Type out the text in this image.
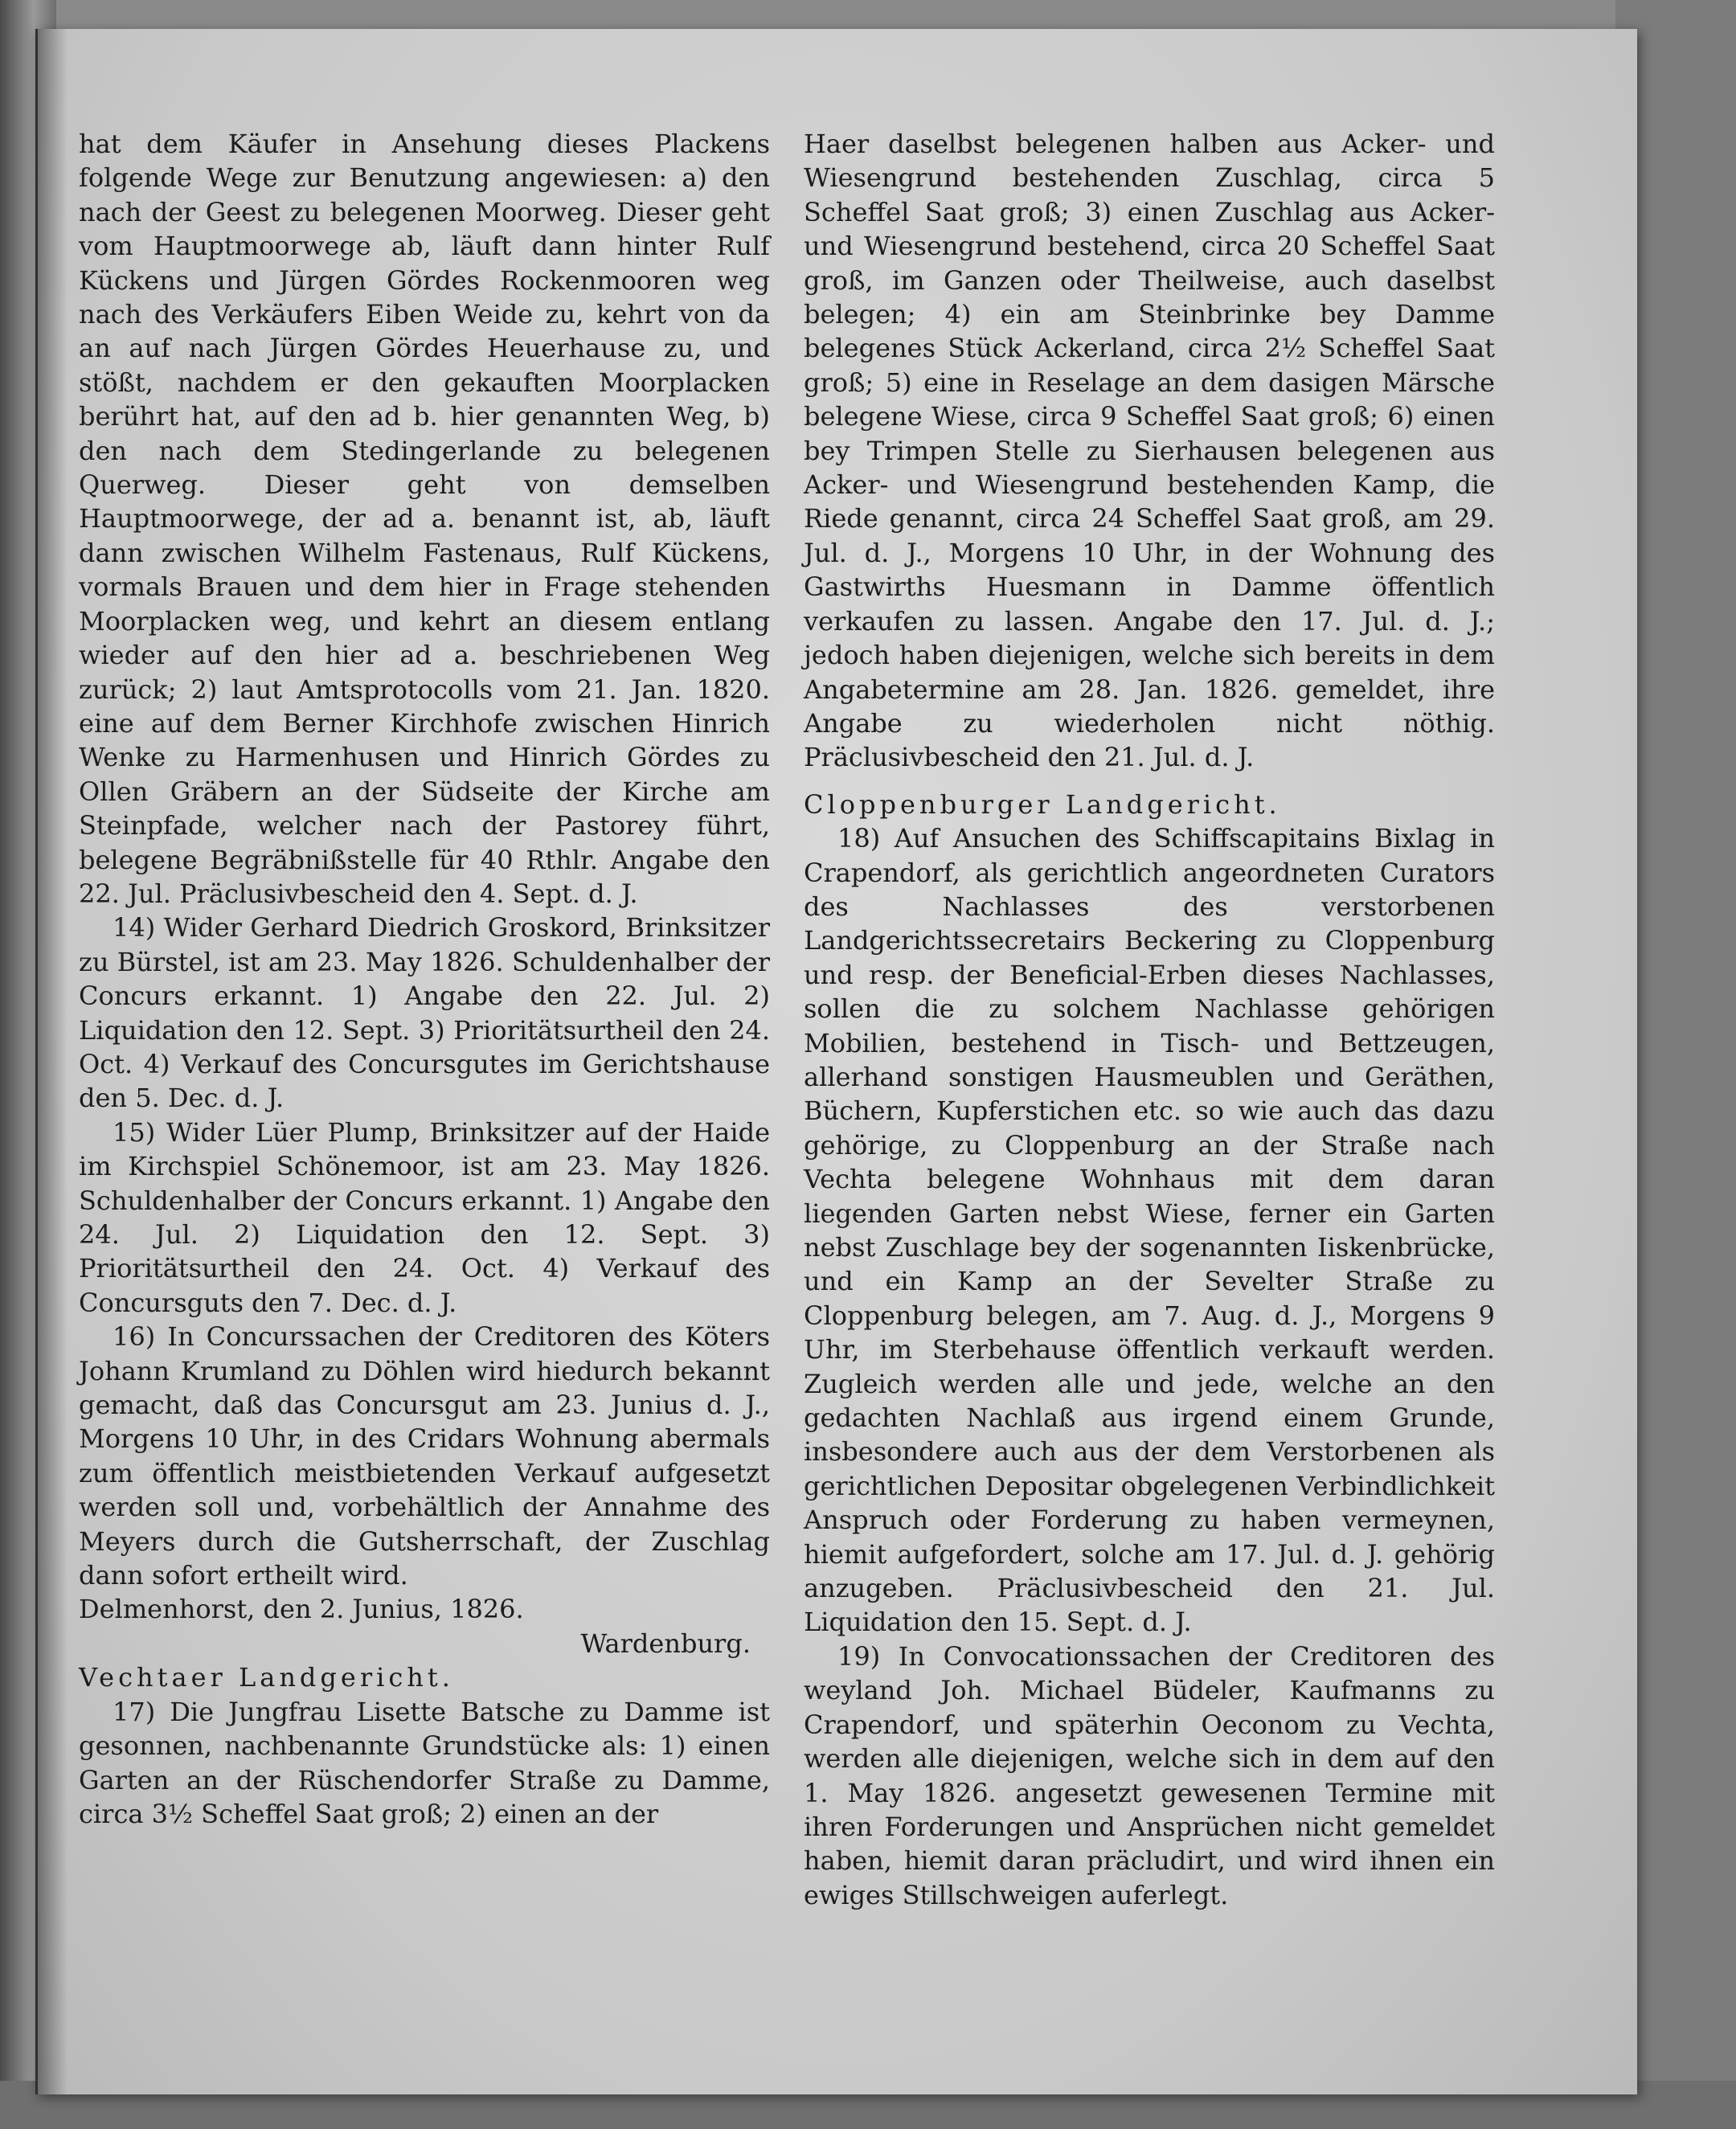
hat dem Käufer in Ansehung dieses Plackens folgende Wege zur Benutzung angewiesen: a) den nach der Geest zu belegenen Moorweg. Dieser geht vom Hauptmoorwege ab, läuft dann hinter Rulf Kückens und Jürgen Gördes Rockenmooren weg nach des Verkäufers Eiben Weide zu, kehrt von da an auf nach Jürgen Gördes Heuerhause zu, und stößt, nachdem er den gekauften Moorplacken berührt hat, auf den ad b. hier genannten Weg, b) den nach dem Stedingerlande zu belegenen Querweg. Dieser geht von demselben Hauptmoorwege, der ad a. benannt ist, ab, läuft dann zwischen Wilhelm Fastenaus, Rulf Kückens, vormals Brauen und dem hier in Frage stehenden Moorplacken weg, und kehrt an diesem entlang wieder auf den hier ad a. beschriebenen Weg zurück; 2) laut Amtsprotocolls vom 21. Jan. 1820. eine auf dem Berner Kirchhofe zwischen Hinrich Wenke zu Harmenhusen und Hinrich Gördes zu Ollen Gräbern an der Südseite der Kirche am Steinpfade, welcher nach der Pastorey führt, belegene Begräbnißstelle für 40 Rthlr. Angabe den 22. Jul. Präclusivbescheid den 4. Sept. d. J.

14) Wider Gerhard Diedrich Groskord, Brinksitzer zu Bürstel, ist am 23. May 1826. Schuldenhalber der Concurs erkannt. 1) Angabe den 22. Jul. 2) Liquidation den 12. Sept. 3) Prioritätsurtheil den 24. Oct. 4) Verkauf des Concursgutes im Gerichtshause den 5. Dec. d. J.

15) Wider Lüer Plump, Brinksitzer auf der Haide im Kirchspiel Schönemoor, ist am 23. May 1826. Schuldenhalber der Concurs erkannt. 1) Angabe den 24. Jul. 2) Liquidation den 12. Sept. 3) Prioritätsurtheil den 24. Oct. 4) Verkauf des Concursguts den 7. Dec. d. J.

16) In Concurssachen der Creditoren des Köters Johann Krumland zu Döhlen wird hiedurch bekannt gemacht, daß das Concursgut am 23. Junius d. J., Morgens 10 Uhr, in des Cridars Wohnung abermals zum öffentlich meistbietenden Verkauf aufgesetzt werden soll und, vorbehältlich der Annahme des Meyers durch die Gutsherrschaft, der Zuschlag dann sofort ertheilt wird.

Delmenhorst, den 2. Junius, 1826.

Wardenburg.

Vechtaer Landgericht.

17) Die Jungfrau Lisette Batsche zu Damme ist gesonnen, nachbenannte Grundstücke als: 1) einen Garten an der Rüschendorfer Straße zu Damme, circa 3½ Scheffel Saat groß; 2) einen an der

Haer daselbst belegenen halben aus Acker- und Wiesengrund bestehenden Zuschlag, circa 5 Scheffel Saat groß; 3) einen Zuschlag aus Acker- und Wiesengrund bestehend, circa 20 Scheffel Saat groß, im Ganzen oder Theilweise, auch daselbst belegen; 4) ein am Steinbrinke bey Damme belegenes Stück Ackerland, circa 2½ Scheffel Saat groß; 5) eine in Reselage an dem dasigen Märsche belegene Wiese, circa 9 Scheffel Saat groß; 6) einen bey Trimpen Stelle zu Sierhausen belegenen aus Acker- und Wiesengrund bestehenden Kamp, die Riede genannt, circa 24 Scheffel Saat groß, am 29. Jul. d. J., Morgens 10 Uhr, in der Wohnung des Gastwirths Huesmann in Damme öffentlich verkaufen zu lassen. Angabe den 17. Jul. d. J.; jedoch haben diejenigen, welche sich bereits in dem Angabetermine am 28. Jan. 1826. gemeldet, ihre Angabe zu wiederholen nicht nöthig. Präclusivbescheid den 21. Jul. d. J.

Cloppenburger Landgericht.

18) Auf Ansuchen des Schiffscapitains Bixlag in Crapendorf, als gerichtlich angeordneten Curators des Nachlasses des verstorbenen Landgerichtssecretairs Beckering zu Cloppenburg und resp. der Beneficial-Erben dieses Nachlasses, sollen die zu solchem Nachlasse gehörigen Mobilien, bestehend in Tisch- und Bettzeugen, allerhand sonstigen Hausmeublen und Geräthen, Büchern, Kupferstichen etc. so wie auch das dazu gehörige, zu Cloppenburg an der Straße nach Vechta belegene Wohnhaus mit dem daran liegenden Garten nebst Wiese, ferner ein Garten nebst Zuschlage bey der sogenannten Iiskenbrücke, und ein Kamp an der Sevelter Straße zu Cloppenburg belegen, am 7. Aug. d. J., Morgens 9 Uhr, im Sterbehause öffentlich verkauft werden. Zugleich werden alle und jede, welche an den gedachten Nachlaß aus irgend einem Grunde, insbesondere auch aus der dem Verstorbenen als gerichtlichen Depositar obgelegenen Verbindlichkeit Anspruch oder Forderung zu haben vermeynen, hiemit aufgefordert, solche am 17. Jul. d. J. gehörig anzugeben. Präclusivbescheid den 21. Jul. Liquidation den 15. Sept. d. J.

19) In Convocationssachen der Creditoren des weyland Joh. Michael Büdeler, Kaufmanns zu Crapendorf, und späterhin Oeconom zu Vechta, werden alle diejenigen, welche sich in dem auf den 1. May 1826. angesetzt gewesenen Termine mit ihren Forderungen und Ansprüchen nicht gemeldet haben, hiemit daran präcludirt, und wird ihnen ein ewiges Stillschweigen auferlegt.
